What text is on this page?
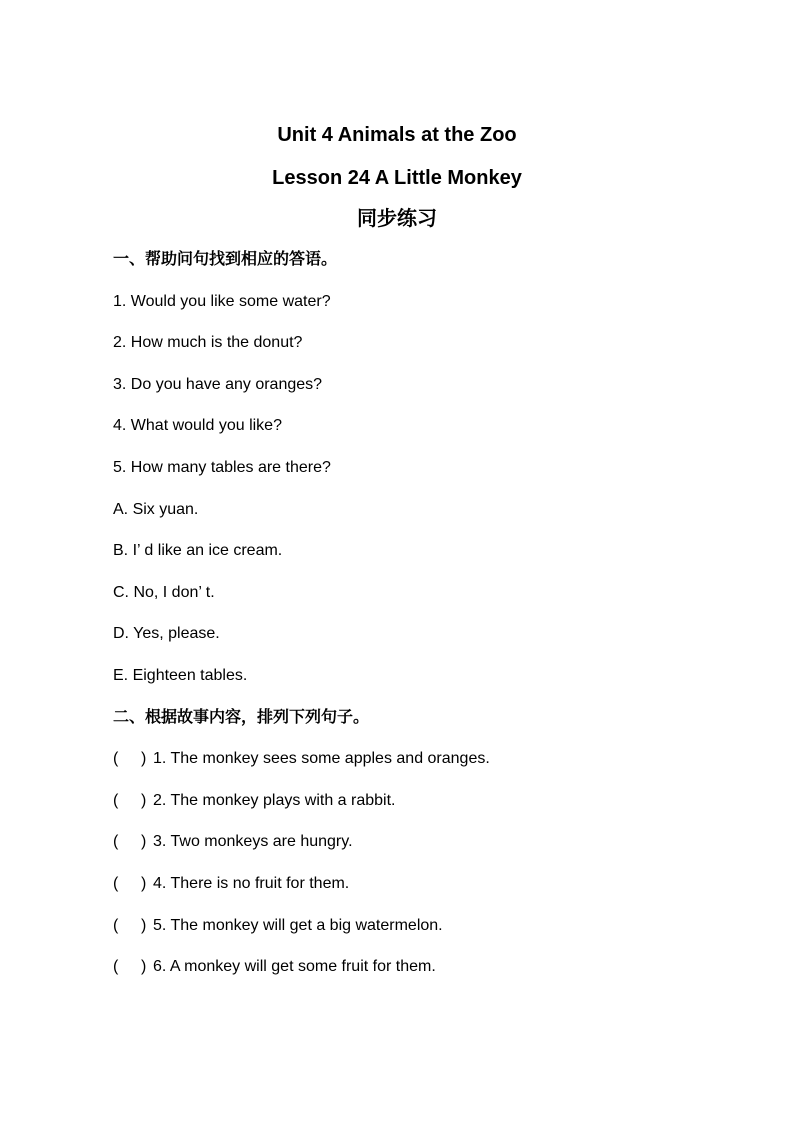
Unit 4 Animals at the Zoo
Lesson 24 A Little Monkey
同步练习
一、帮助问句找到相应的答语。
1. Would you like some water?
2. How much is the donut?
3. Do you have any oranges?
4. What would you like?
5. How many tables are there?
A. Six yuan.
B. I’ d like an ice cream.
C. No, I don’ t.
D. Yes, please.
E. Eighteen tables.
二、根据故事内容，排列下列句子。
( ) 1. The monkey sees some apples and oranges.
( ) 2. The monkey plays with a rabbit.
( ) 3. Two monkeys are hungry.
( ) 4. There is no fruit for them.
( ) 5. The monkey will get a big watermelon.
( ) 6. A monkey will get some fruit for them.
